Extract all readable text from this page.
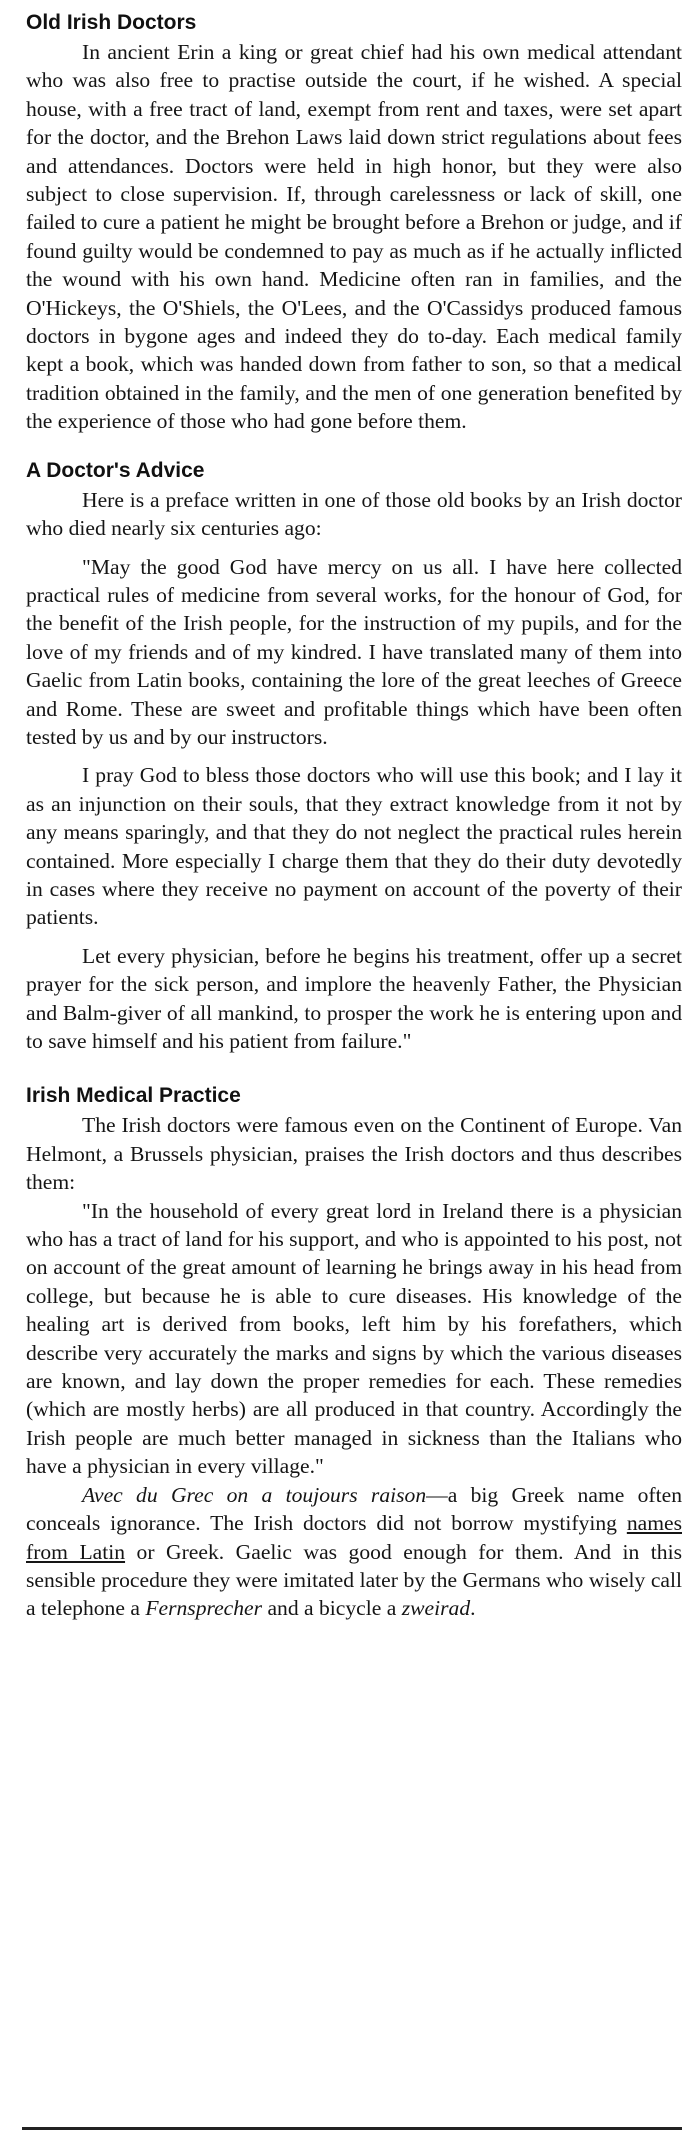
Old Irish Doctors

In ancient Erin a king or great chief had his own medical attendant who was also free to practise outside the court, if he wished. A special house, with a free tract of land, exempt from rent and taxes, were set apart for the doctor, and the Brehon Laws laid down strict regulations about fees and attendances. Doctors were held in high honor, but they were also subject to close supervision. If, through carelessness or lack of skill, one failed to cure a patient he might be brought before a Brehon or judge, and if found guilty would be condemned to pay as much as if he actually inflicted the wound with his own hand. Medicine often ran in families, and the O'Hickeys, the O'Shiels, the O'Lees, and the O'Cassidys produced famous doctors in bygone ages and indeed they do to-day. Each medical family kept a book, which was handed down from father to son, so that a medical tradition obtained in the family, and the men of one generation benefited by the experience of those who had gone before them.

A Doctor's Advice

Here is a preface written in one of those old books by an Irish doctor who died nearly six centuries ago:

"May the good God have mercy on us all. I have here collected practical rules of medicine from several works, for the honour of God, for the benefit of the Irish people, for the instruction of my pupils, and for the love of my friends and of my kindred. I have translated many of them into Gaelic from Latin books, containing the lore of the great leeches of Greece and Rome. These are sweet and profitable things which have been often tested by us and by our instructors.

I pray God to bless those doctors who will use this book; and I lay it as an injunction on their souls, that they extract knowledge from it not by any means sparingly, and that they do not neglect the practical rules herein contained. More especially I charge them that they do their duty devotedly in cases where they receive no payment on account of the poverty of their patients.

Let every physician, before he begins his treatment, offer up a secret prayer for the sick person, and implore the heavenly Father, the Physician and Balm-giver of all mankind, to prosper the work he is entering upon and to save himself and his patient from failure."

Irish Medical Practice

The Irish doctors were famous even on the Continent of Europe. Van Helmont, a Brussels physician, praises the Irish doctors and thus describes them:

"In the household of every great lord in Ireland there is a physician who has a tract of land for his support, and who is appointed to his post, not on account of the great amount of learning he brings away in his head from college, but because he is able to cure diseases. His knowledge of the healing art is derived from books, left him by his forefathers, which describe very accurately the marks and signs by which the various diseases are known, and lay down the proper remedies for each. These remedies (which are mostly herbs) are all produced in that country. Accordingly the Irish people are much better managed in sickness than the Italians who have a physician in every village."

Avec du Grec on a toujours raison—a big Greek name often conceals ignorance. The Irish doctors did not borrow mystifying names from Latin or Greek. Gaelic was good enough for them. And in this sensible procedure they were imitated later by the Germans who wisely call a telephone a Fernsprecher and a bicycle a zweirad.
